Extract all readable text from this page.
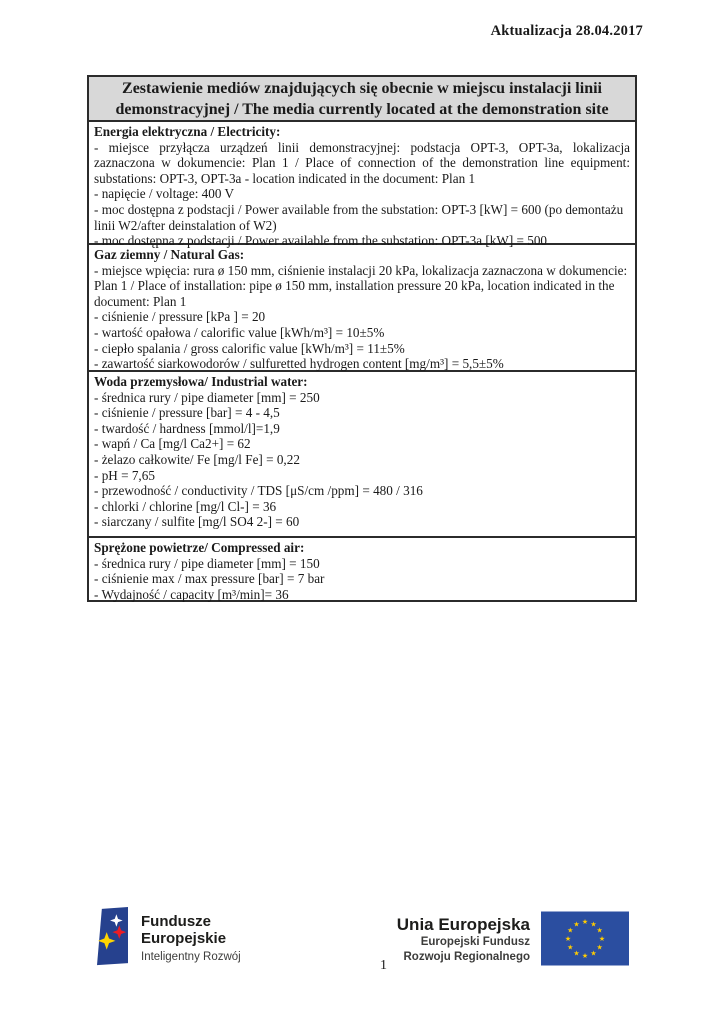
Aktualizacja 28.04.2017
Zestawienie mediów znajdujących się obecnie w miejscu instalacji linii demonstracyjnej / The media currently located at the demonstration site
Energia elektryczna / Electricity:
- miejsce przyłącza urządzeń linii demonstracyjnej: podstacja OPT-3, OPT-3a, lokalizacja zaznaczona w dokumencie: Plan 1 / Place of connection of the demonstration line equipment: substations: OPT-3, OPT-3a - location indicated in the document: Plan 1
- napięcie / voltage: 400 V
- moc dostępna z podstacji / Power available from the substation: OPT-3 [kW] = 600 (po demontażu linii W2/after deinstalation of W2)
- moc dostępna z podstacji / Power available from the substation: OPT-3a [kW] = 500
Gaz ziemny / Natural Gas:
- miejsce wpięcia: rura ø 150 mm, ciśnienie instalacji 20 kPa, lokalizacja zaznaczona w dokumencie: Plan 1 / Place of installation: pipe ø 150 mm, installation pressure 20 kPa, location indicated in the document: Plan 1
- ciśnienie / pressure [kPa ] = 20
- wartość opałowa / calorific value [kWh/m³] = 10±5%
- ciepło spalania / gross calorific value [kWh/m³] = 11±5%
- zawartość siarkowodorów / sulfuretted hydrogen content [mg/m³] = 5,5±5%
Woda przemysłowa/ Industrial water:
- średnica rury / pipe diameter [mm] = 250
- ciśnienie / pressure [bar] = 4 - 4,5
- twardość / hardness [mmol/l]=1,9
- wapń / Ca [mg/l Ca2+] = 62
- żelazo całkowite/ Fe [mg/l Fe] = 0,22
- pH = 7,65
- przewodność / conductivity / TDS [μS/cm /ppm] = 480 / 316
- chlorki / chlorine [mg/l Cl-] = 36
- siarczany / sulfite [mg/l SO4 2-] = 60
Sprężone powietrze/ Compressed air:
- średnica rury / pipe diameter [mm] = 150
- ciśnienie max / max pressure [bar] = 7 bar
- Wydajność / capacity [m³/min]= 36
Fundusze
Europejskie
Inteligentny Rozwój
Unia Europejska
Europejski Fundusz
Rozwoju Regionalnego
★ ★
★
★
★
★
★
★
★
★
★
★
1
